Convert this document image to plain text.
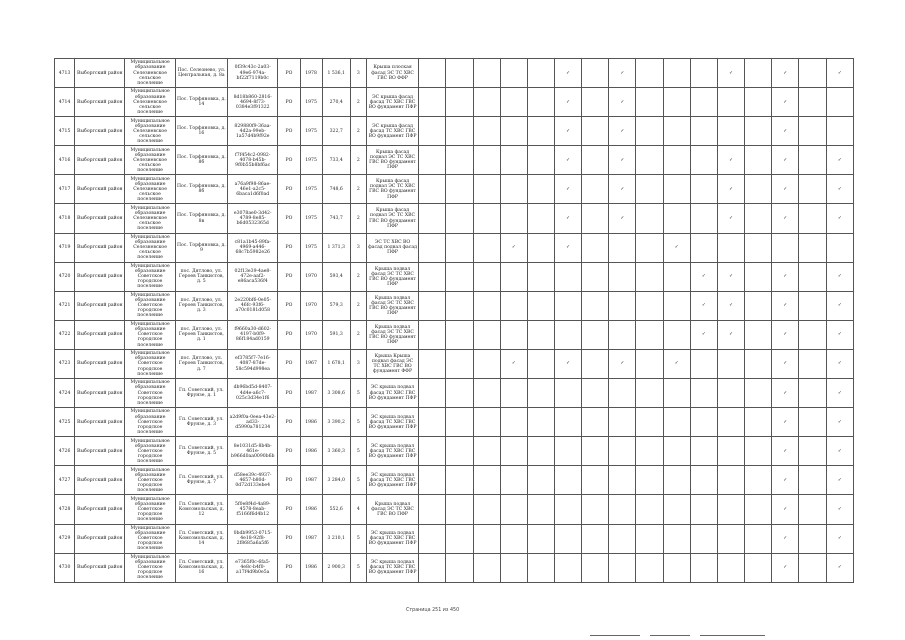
4713	Выборгский район	Муниципальное образование Селезневское сельское поселение	Пос. Селезнево, ул. Центральная, д. 8а	0f39c43c-2a03-49e6-974a-bf22f7119b0c	РО	1978	1 536,1	3	Крыша плоская фасад ЭС ТС ХВС ГВС ВО ФФР						✓		✓				✓		✓		✓
4714	Выборгский район	Муниципальное образование Селезневское сельское поселение	Пос. Торфяновка, д. 14	8d18b860-2816-4694-8f73-0384e3f91322	РО	1975	270,4	2	ЭС крыша фасад фасад ТС ХВС ГВС ВО фундамент ПФР						✓		✓						✓		
4715	Выборгский район	Муниципальное образование Селезневское сельское поселение	Пос. Торфяновка, д. 16	829880f9-36aa-4d2a-99eb-1a57d4b9f92e	РО	1975	322,7	2	ЭС крыша фасад фасад ТС ХВС ГВС ВО фундамент ПФР						✓		✓						✓		
4716	Выборгский район	Муниципальное образование Селезневское сельское поселение	Пос. Торфяновка, д. 8б	f7f454c2-0982-4078-b45b-9f0b55b8bf6ac	РО	1975	733,4	2	Крыша фасад подвал ЭС ТС ХВС ГВС ВО фундамент ПФР						✓		✓				✓		✓		✓
4717	Выборгский район	Муниципальное образование Селезневское сельское поселение	Пос. Торфяновка, д. 8б	a76a9f98-86ae-46e1-a2c5-6baca1d6f0ad	РО	1975	748,6	2	Крыша фасад подвал ЭС ТС ХВС ГВС ВО фундамент ПФР						✓		✓				✓		✓		✓
4718	Выборгский район	Муниципальное образование Селезневское сельское поселение	Пос. Торфяновка, д. 8в	e3078ae0-3d42-4789-8e85-b6d0532365d	РО	1975	743,7	2	Крыша фасад подвал ЭС ТС ХВС ГВС ВО фундамент ПФР						✓		✓				✓		✓		✓
4719	Выборгский район	Муниципальное образование Селезневское сельское поселение	Пос. Торфяновка, д. 9	c81a1b45-89fa-4969-a446-68c7b5982e26	РО	1975	1 371,3	3	ЭС ТС ХВС ВО фасад подвал фасад ПФР				✓		✓				✓						
4720	Выборгский район	Муниципальное образование Советское городское поселение	пос. Дятлово, ул. Героев Танкистов, д. 5	02f13e39-4ae8-472e-aaf2-e86aca536f4	РО	1970	593,4	2	Крыша подвал фасад ЭС ТС ХВС ГВС ВО фундамент ПФР											✓	✓		✓		✓
4721	Выборгский район	Муниципальное образование Советское городское поселение	пос. Дятлово, ул. Героев Танкистов, д. 3	2e220bf6-0e05-46fc-93f6-a70c0181d058	РО	1970	579,3	2	Крыша подвал фасад ЭС ТС ХВС ГВС ВО фундамент ПФР											✓	✓		✓		✓
4722	Выборгский район	Муниципальное образование Советское городское поселение	пос. Дятлово, ул. Героев Танкистов, д. 1	f9660a30-d602-4197-b0f9-86f184ad0159	РО	1970	591,3	2	Крыша подвал фасад ЭС ТС ХВС ГВС ВО фундамент ПФР											✓	✓		✓		✓
4723	Выборгский район	Муниципальное образование Советское городское поселение	пос. Дятлово, ул. Героев Танкистов, д. 7	ef3785f7-7e16-4087-87de-58c594d998ea	РО	1967	1 678,1	3	Крыша Крыша подвал фасад ЭС ТС ХВС ГВС ВО фундамент ФФР				✓		✓		✓		✓				✓		✓
4724	Выборгский район	Муниципальное образование Советское городское поселение	Гп. Советский, ул. Фрунзе, д. 1	db96bd5d-8407-4d4e-a6c7-025c3d34e1f6	РО	1987	3 308,6	5	ЭС крыша подвал фасад ТС ХВС ГВС ВО фундамент ПФР														✓		✓
4725	Выборгский район	Муниципальное образование Советское городское поселение	Гп. Советский, ул. Фрунзе, д. 3	a2d9f0a-0eea-43e2-ad33-d5990a781234	РО	1986	3 390,2	5	ЭС крыша подвал фасад ТС ХВС ГВС ВО фундамент ПФР														✓		✓
4726	Выборгский район	Муниципальное образование Советское городское поселение	Гп. Советский, ул. Фрунзе, д. 5	8e1031d5-8b4b-461e-b966d0aa0090b6b	РО	1986	3 360,3	5	ЭС крыша подвал фасад ТС ХВС ГВС ВО фундамент ПФР														✓		✓
4727	Выборгский район	Муниципальное образование Советское городское поселение	Гп. Советский, ул. Фрунзе, д. 7	d58ee39c-4937-4657-b80d-0d72d133ebe4	РО	1987	3 284,0	5	ЭС крыша подвал фасад ТС ХВС ГВС ВО фундамент ПФР														✓		✓
4728	Выборгский район	Муниципальное образование Советское городское поселение	Гп. Советский, ул. Комсомольская, д. 12	5f0e8f4d-4a89-4578-8eab-f5166f6d4b12	РО	1986	552,6	4	Крыша подвал фасад ЭС ТС ХВС ГВС ВО ПФР														✓		✓
4729	Выборгский район	Муниципальное образование Советское городское поселение	Гп. Советский, ул. Комсомольская, д. 14	0bdb9953-0715-4e18-92f8-2f8685a6a5f6	РО	1987	3 210,1	5	ЭС крыша подвал фасад ТС ХВС ГВС ВО фундамент ПФР														✓		✓
4730	Выборгский район	Муниципальное образование Советское городское поселение	Гп. Советский, ул. Комсомольская, д. 16	e7365f0c-6fa5-4e8c-b4f0-a17f4d9b0e5a	РО	1986	2 900,3	5	ЭС крыша подвал фасад ТС ХВС ГВС ВО фундамент ПФР														✓		✓
Страница 251 из 450
